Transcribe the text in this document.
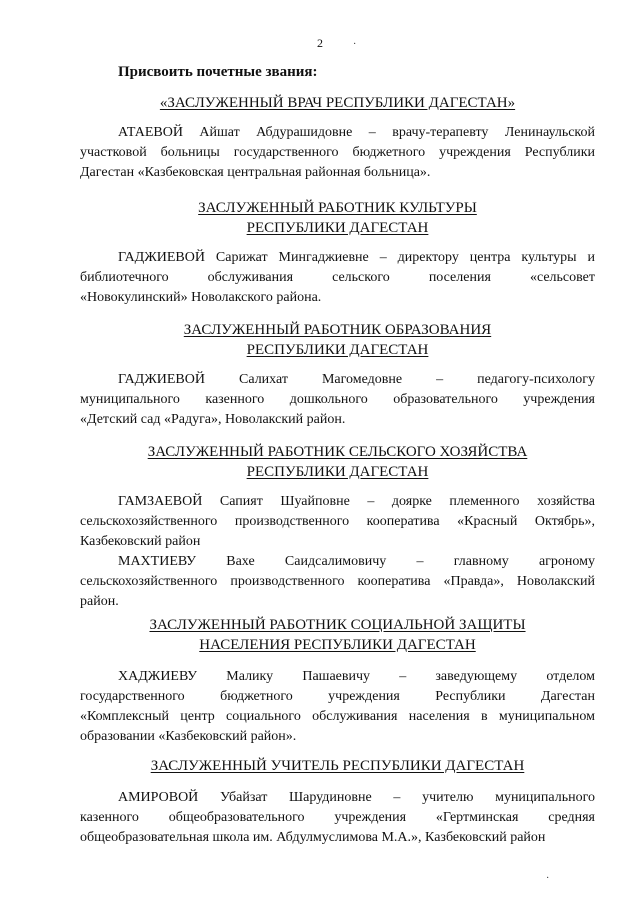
2
Присвоить почетные звания:
«ЗАСЛУЖЕННЫЙ ВРАЧ РЕСПУБЛИКИ ДАГЕСТАН»
АТАЕВОЙ Айшат Абдурашидовне – врачу-терапевту Ленинаульской
участковой больницы государственного бюджетного учреждения Республики
Дагестан «Казбековская центральная районная больница».
ЗАСЛУЖЕННЫЙ РАБОТНИК КУЛЬТУРЫ
РЕСПУБЛИКИ ДАГЕСТАН
ГАДЖИЕВОЙ Сарижат Мингаджиевне – директору центра культуры и
библиотечного обслуживания сельского поселения «сельсовет
«Новокулинский» Новолакского района.
ЗАСЛУЖЕННЫЙ РАБОТНИК ОБРАЗОВАНИЯ
РЕСПУБЛИКИ ДАГЕСТАН
ГАДЖИЕВОЙ Салихат Магомедовне – педагогу-психологу
муниципального казенного дошкольного образовательного учреждения
«Детский сад «Радуга», Новолакский район.
ЗАСЛУЖЕННЫЙ РАБОТНИК СЕЛЬСКОГО ХОЗЯЙСТВА
РЕСПУБЛИКИ ДАГЕСТАН
ГАМЗАЕВОЙ Сапият Шуайповне – доярке племенного хозяйства
сельскохозяйственного производственного кооператива «Красный Октябрь»,
Казбековский район
МАХТИЕВУ Вахе Саидсалимовичу – главному агроному
сельскохозяйственного производственного кооператива «Правда», Новолакский
район.
ЗАСЛУЖЕННЫЙ РАБОТНИК СОЦИАЛЬНОЙ ЗАЩИТЫ
НАСЕЛЕНИЯ РЕСПУБЛИКИ ДАГЕСТАН
ХАДЖИЕВУ Малику Пашаевичу – заведующему отделом
государственного бюджетного учреждения Республики Дагестан
«Комплексный центр социального обслуживания населения в муниципальном
образовании «Казбековский район».
ЗАСЛУЖЕННЫЙ УЧИТЕЛЬ РЕСПУБЛИКИ ДАГЕСТАН
АМИРОВОЙ Убайзат Шарудиновне – учителю муниципального
казенного общеобразовательного учреждения «Гертминская средняя
общеобразовательная школа им. Абдулмуслимова М.А.», Казбековский район
·
·
